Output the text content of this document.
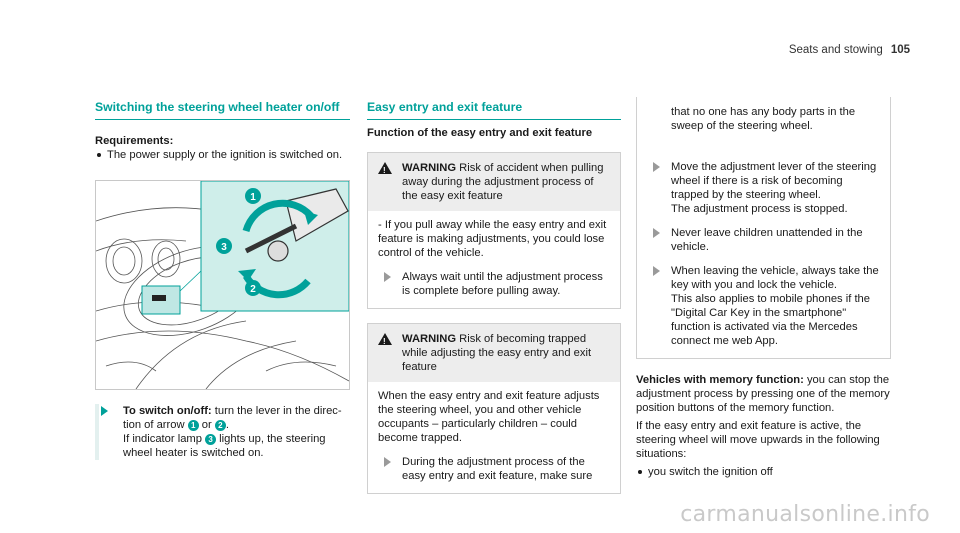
Seats and stowing 105
Switching the steering wheel heater on/off
Requirements:
The power supply or the ignition is switched on.
1
3
2
To switch on/off: turn the lever in the direction of arrow 1 or 2 .
If indicator lamp 3 lights up, the steering wheel heater is switched on.
Easy entry and exit feature
Function of the easy entry and exit feature
!
WARNING Risk of accident when pulling away during the adjustment process of the easy exit feature
- If you pull away while the easy entry and exit feature is making adjustments, you could lose control of the vehicle.
Always wait until the adjustment process is complete before pulling away.
!
WARNING Risk of becoming trapped while adjusting the easy entry and exit feature
When the easy entry and exit feature adjusts the steering wheel, you and other vehicle occupants – particularly children – could become trapped.
During the adjustment process of the easy entry and exit feature, make sure
that no one has any body parts in the sweep of the steering wheel.
Move the adjustment lever of the steering wheel if there is a risk of becoming trapped by the steering wheel.
The adjustment process is stopped.
Never leave children unattended in the vehicle.
When leaving the vehicle, always take the key with you and lock the vehicle.
This also applies to mobile phones if the "Digital Car Key in the smartphone" function is activated via the Mercedes connect me web App.

Vehicles with memory function: you can stop the adjustment process by pressing one of the memory position buttons of the memory function.

If the easy entry and exit feature is active, the steering wheel will move upwards in the following situations:

you switch the ignition off
carmanualsonline.info
